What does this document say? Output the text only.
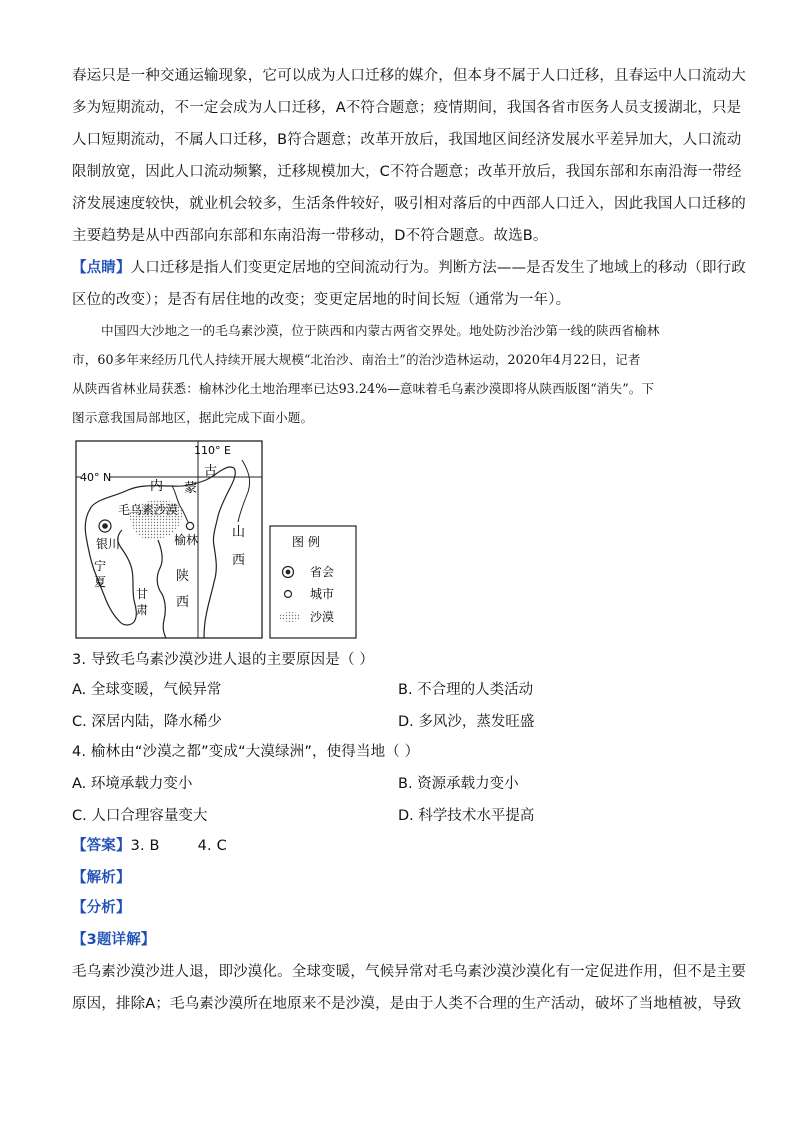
春运只是一种交通运输现象，它可以成为人口迁移的媒介，但本身不属于人口迁移，且春运中人口流动大
多为短期流动，不一定会成为人口迁移，A不符合题意；疫情期间，我国各省市医务人员支援湖北，只是
人口短期流动，不属人口迁移，B符合题意；改革开放后，我国地区间经济发展水平差异加大，人口流动
限制放宽，因此人口流动频繁，迁移规模加大，C不符合题意；改革开放后，我国东部和东南沿海一带经
济发展速度较快，就业机会较多，生活条件较好，吸引相对落后的中西部人口迁入，因此我国人口迁移的
主要趋势是从中西部向东部和东南沿海一带移动，D不符合题意。故选B。
【点睛】人口迁移是指人们变更定居地的空间流动行为。判断方法——是否发生了地域上的移动（即行政
区位的改变）；是否有居住地的改变；变更定居地的时间长短（通常为一年）。
中国四大沙地之一的毛乌素沙漠，位于陕西和内蒙古两省交界处。地处防沙治沙第一线的陕西省榆林
市，60多年来经历几代人持续开展大规模“北治沙、南治土”的治沙造林运动，2020年4月22日，记者
从陕西省林业局获悉：榆林沙化土地治理率已达93.24%—意味着毛乌素沙漠即将从陕西版图“消失”。下
图示意我国局部地区，据此完成下面小题。
110° E
40° N	古
内 蒙
毛乌素沙漠
银川	榆林
陕
西
山
西
宁
夏
甘
肃
图 例
省会
城市
沙漠
3. 导致毛乌素沙漠沙进人退的主要原因是（ ）
A. 全球变暖，气候异常	B. 不合理的人类活动
C. 深居内陆，降水稀少	D. 多风沙，蒸发旺盛
4. 榆林由“沙漠之都”变成“大漠绿洲”，使得当地（ ）
A. 环境承载力变小	B. 资源承载力变小
C. 人口合理容量变大	D. 科学技术水平提高
【答案】3. B        4. C
【解析】
【分析】
【3题详解】
毛乌素沙漠沙进人退，即沙漠化。全球变暖，气候异常对毛乌素沙漠沙漠化有一定促进作用，但不是主要
原因，排除A；毛乌素沙漠所在地原来不是沙漠，是由于人类不合理的生产活动，破坏了当地植被，导致
